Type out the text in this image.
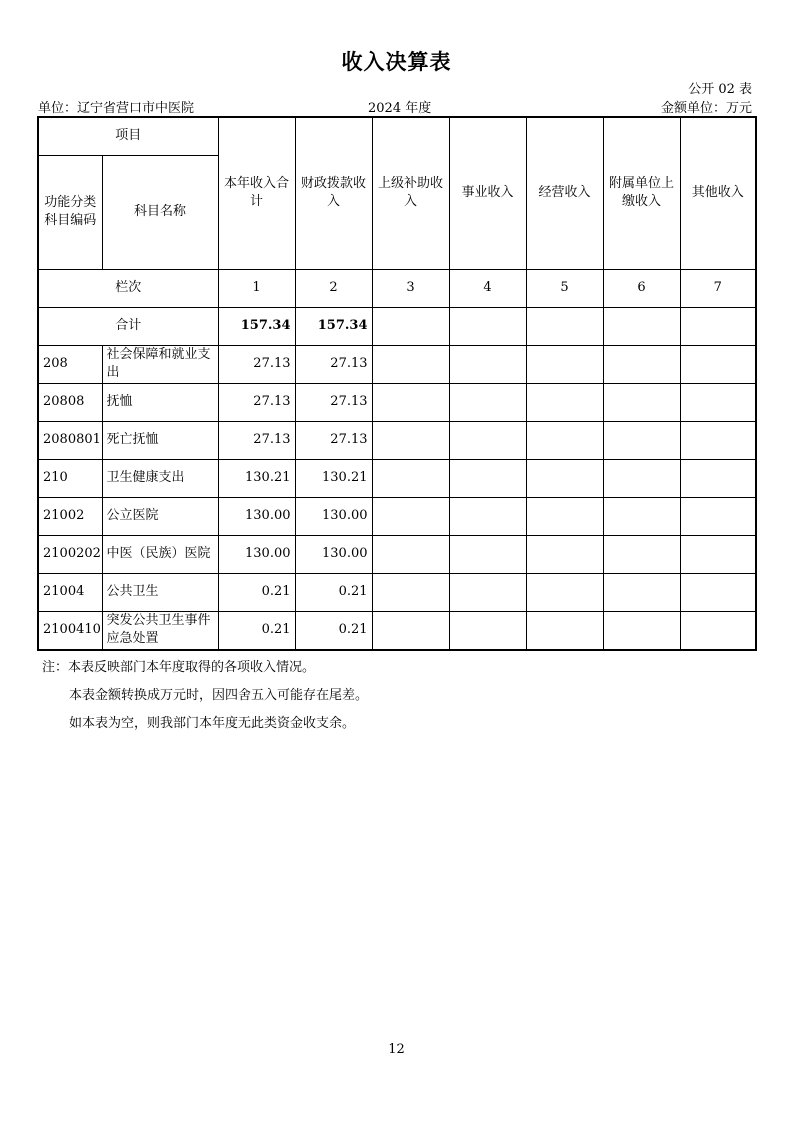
收入决算表
公开 02 表
单位：辽宁省营口市中医院	2024 年度	金额单位：万元
项目		本年收入合计	财政拨款收入	上级补助收入	事业收入	经营收入	附属单位上缴收入	其他收入
功能分类科目编码	科目名称							
栏次		1	2	3	4	5	6	7
合计		157.34	157.34					
208	社会保障和就业支出	27.13	27.13					
20808	抚恤	27.13	27.13					
2080801	死亡抚恤	27.13	27.13					
210	卫生健康支出	130.21	130.21					
21002	公立医院	130.00	130.00					
2100202	中医（民族）医院	130.00	130.00					
21004	公共卫生	0.21	0.21					
2100410	突发公共卫生事件应急处置	0.21	0.21					
注：本表反映部门本年度取得的各项收入情况。
本表金额转换成万元时，因四舍五入可能存在尾差。
如本表为空，则我部门本年度无此类资金收支余。
12
